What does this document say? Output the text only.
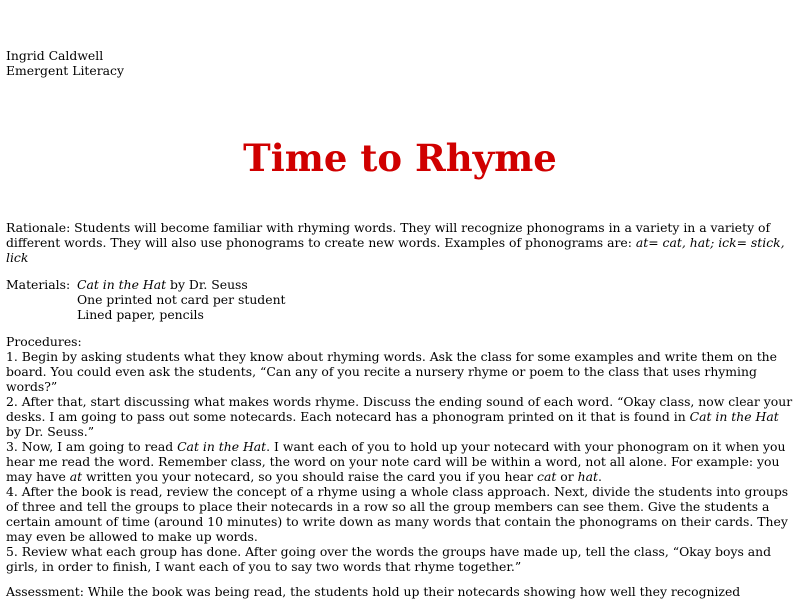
Ingrid Caldwell
Emergent Literacy
Time to Rhyme

Rationale: Students will become familiar with rhyming words. They will recognize phonograms in a variety in a variety of different words. They will also use phonograms to create new words. Examples of phonograms are: at= cat, hat; ick= stick, lick

Materials: Cat in the Hat by Dr. Seuss
One printed not card per student
Lined paper, pencils

Procedures:

1. Begin by asking students what they know about rhyming words. Ask the class for some examples and write them on the board. You could even ask the students, “Can any of you recite a nursery rhyme or poem to the class that uses rhyming words?”

2. After that, start discussing what makes words rhyme. Discuss the ending sound of each word. “Okay class, now clear your desks. I am going to pass out some notecards. Each notecard has a phonogram printed on it that is found in Cat in the Hat by Dr. Seuss.”

3. Now, I am going to read Cat in the Hat. I want each of you to hold up your notecard with your phonogram on it when you hear me read the word. Remember class, the word on your note card will be within a word, not all alone. For example: you may have at written you your notecard, so you should raise the card you if you hear cat or hat.

4. After the book is read, review the concept of a rhyme using a whole class approach. Next, divide the students into groups of three and tell the groups to place their notecards in a row so all the group members can see them. Give the students a certain amount of time (around 10 minutes) to write down as many words that contain the phonograms on their cards. They may even be allowed to make up words.

5. Review what each group has done. After going over the words the groups have made up, tell the class, “Okay boys and girls, in order to finish, I want each of you to say two words that rhyme together.”

Assessment: While the book was being read, the students hold up their notecards showing how well they recognized
